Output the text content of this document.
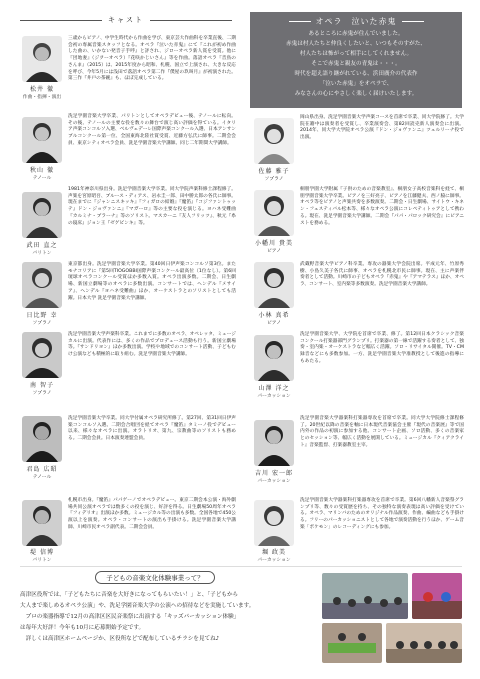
キャスト	オペラ　泣いた赤鬼

あるところに赤鬼が住んでいました。

赤鬼は村人たちと仲良くしたいと、いつもそのすがた、

村人たちは怖がって相手にしてくれません。

そこで赤鬼と親友の青鬼は・・・。

時代を超え語り継がれている、浜田廣介の代表作

「泣いた赤鬼」をオペラで、

みなさんの心にやさしく楽しく届けいたします。

松井 徹
作曲・指揮・演出
三歳からピアノ、中学生時代から作曲を学び、東京芸大作曲科を卒業直後、二期会初の専属音楽スタッフとなる。オペラ『泣いた赤鬼』にて『これが初め作曲した曲の、いかない発音子手呼』と評され、ジローオペラ新人賞を受賞。他に『団地妻』（ジヲーオペラ）『花咲かじいさん』等を作曲。落語オペラ『音鳥のさんま』（2015）は、2015年度から昭和、札幌、国立で上演され、大きな反応を呼び、今年5月には浅田で落語オペラ第二作『僕屋の玖叫月』が初演された。第三作『井戸の茶碗』も、ほぼ完成している。
秋山 徹
テノール
洗足学園音楽大学卒業、パリトンとしてオペラデビュー後、テノールに転向。その後、テノールの主要な役を数々の舞台で演じ高い評価を得ている。イタリア声楽コンコルソ入選、ベルヴェデーレ国際声楽コンクール入選、日本アンサンブルコンクール第一位、全国東海北陸社賞受賞、近藤方弘氏に師事。二期会会員、東京シティオペラ会員、洗足学園音楽大学講師。同じ二年期間大学講師。
武田 直之
バリトン
1981年神奈川県出身。洗足学園音楽大学卒業。同大学院声楽科修士課程修了。声楽を宮原昭吾、ブルース・ディアス、岩永圭一郎、田中勝太郎の各氏に師事。現在までに『ジャンニスキッキ』『フィガロの結婚』『魔笛』『コジファントゥッテ』ドン・ジョヴァンニ』『マガーロ』等の主要な役を演じる。ヨハネ受難曲『カルミナ・ブラーナ』等のソリスト。マスカーニ『友人フリッツ』、秋元『糸の寝床』ジョン王『ゼゲビンキ』等。
日比野 幸
ソプラノ
東京都出身。洗足学園音楽大学卒業。第40回日伊声楽コンコルソ第3位。またモナコリアに『第5回TIOGOBBI国際声楽コンクール最高位（1位なし）。第6回琉球オペラコンクール受賞ほか多数入賞。オペラ出演多数。二期会、日生劇場、新国立劇場等のオペラに多数出演。コンサートでは、ヘンデル『メサイア』、ヘンデル『ヨハネ受難曲』ほか、オーケストラとのソリストとしても活躍。日本大学 洗足学園音楽大学講師。
南 智子
ソプラノ
洗足学園音楽大学声楽科卒業。これまでに多数のオペラ、オペレッタ、ミュージカルに出演。代表作には、多くの作品でプロデュース活動も行う。新国立劇場等。『サンドリヨン』ほか多数出演。学校や地域でのコンサート活動、子どもむけ公演なども積極的に取り組む。洗足学園音楽大学講師。
君島 広昭
テノール
洗足学園音楽大学卒業。同大学付属オペラ研究所修了。第27回、第31回日伊声楽コンコルソ入選。二期会合唱団を経てオペラ『魔笛』タミーノ役でデビュー以来、様々なオペラに出演。オラトリオ、第九、宗教曲等のソリストも務める。二期会会員。日本演奏連盟会員。
堤 信博
バリトン
札幌市出身。『魔笛』パパゲーノでオペラデビュー。東京二期会本公演・海外劇場共同公演オペラでは数多くの役を演じ、好評を得る。日生劇場50周年オペラ『フィデリオ』出演ほか多数。ミュージカル等の出演も多数。全国各地で450公演以上を演奏。オペラ・コンサートの演出も手掛ける。洗足学園音楽大学講師、川崎市民オペラ副代表。二期会会員。
佐藤 雅子
ソプラノ
岡山県出身。洗足学園音楽大学声楽コースを首席で卒業、同大学院修了。大学院在籍中は演奏者を受賞し、卒業演奏会、第82回読売新人演奏会に出演。2014年、同大学大学院オペラ公演『ドン・ジョヴァンニ』ツェルリーナ役で出演。
小幡川 貴美
ピアノ
桐朋学園大学附属『子供のための音楽教室』、桐朋女子高校音楽科を経て、桐朋学園音楽大学卒業。ピアノを三好亮子、ピアノを江藤健夫、西ノ脇に師事。オペラ等をピアノと声楽共奏を多数演奏。二期会・日生劇場、サイトウ・キネン・フェスティバル松本等、様々なオペラ公演にコレペティトゥアとして携わる。現在、洗足学園音楽大学講師。二期会『パパ・パロック研究会』にピアニストを務める。
小林 真希
ピアノ
武蔵野音楽大学ピアノ科卒業。専攻の器楽大学会院出席。平成元年、竹原秀樹、小島久美子各氏に師事、オペラを札幌北市民に師事。現在、主に声楽伴奏者として活動。川崎市の子どもオペラ『赤鬼』や『アマテラス』ほか、オペラ、コンサート、室内楽等多数演奏。洗足学園音楽大学講師。
山澤 洋之
パーカッション
洗足学園音楽大学、大学院を首席で卒業、修了。第12回日本クラシック音楽コンクール打楽器部門グランプリ。打楽器の第一線で活躍する奏者として、独奏・室内楽・オーケストラなど幅広く活躍。ソロ・リサイタル開催。TV・CM録音などにも多数参加。一方、洗足学園音楽大学准教授として後進の指導にもあたる。
吉川 宏一郎
パーカッション
洗足学園音楽大学器楽科打楽器専攻を首席で卒業。同大学大学院修士課程修了。20世紀以降の音楽を軸に日本現代音楽協会主催『現代の音楽展』等で国内外の作品の初演に参加する他、コンサート企画、ソロ活動、多くの音楽家とのセッション等、幅広く活動を展開している。ミュージカル『クィアクライト』音楽監督、打楽器教室主宰。
堀 政美
パーカッション
洗足学園音楽大学器楽科打楽器専攻を首席で卒業。第6回八幡新人音楽祭グランプリ等、数々の受賞歴を持ち、その独特な演奏表現は高い評価を受けている。オペラ、マリンバのためのオリジナル作品演奏、作曲、編曲なども手掛ける。フリーのパーカッショニストとして各地で演奏活動を行うほか、ゲーム音楽「ポケモン」のレコーディングにも参加。
子どもの音楽文化体験事業って？
高津区役所では、「子どもたちに音楽を大好きになってもらいたい！」と、「子どもから
大人まで楽しめるオペラ公演」や、洗足学園音楽大学の公演への招待などを実施しています。
　プロの楽器指導で12月の高津区区民音楽祭に出演する「キッズパーカッション体験」
は毎年大好評！今年も10月に応募開始予定です。
　詳しくは高津区ホームページか、区役所などで配布しているチラシを見てね♪
